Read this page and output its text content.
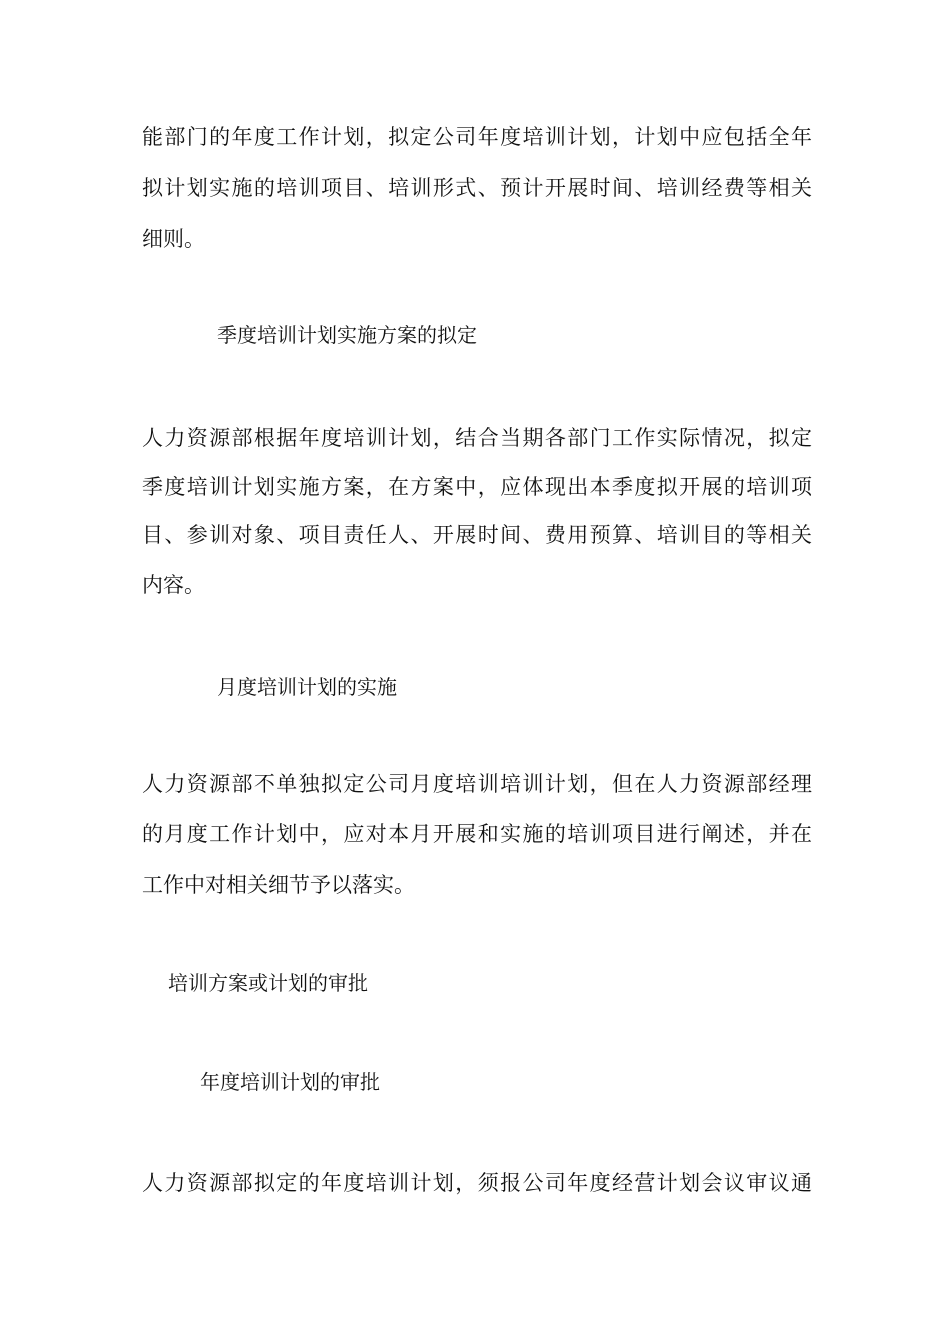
能部门的年度工作计划，拟定公司年度培训计划，计划中应包括全年
拟计划实施的培训项目、培训形式、预计开展时间、培训经费等相关
细则。
季度培训计划实施方案的拟定
人力资源部根据年度培训计划，结合当期各部门工作实际情况，拟定
季度培训计划实施方案，在方案中，应体现出本季度拟开展的培训项
目、参训对象、项目责任人、开展时间、费用预算、培训目的等相关
内容。
月度培训计划的实施
人力资源部不单独拟定公司月度培训培训计划，但在人力资源部经理
的月度工作计划中，应对本月开展和实施的培训项目进行阐述，并在
工作中对相关细节予以落实。
培训方案或计划的审批
年度培训计划的审批
人力资源部拟定的年度培训计划，须报公司年度经营计划会议审议通
